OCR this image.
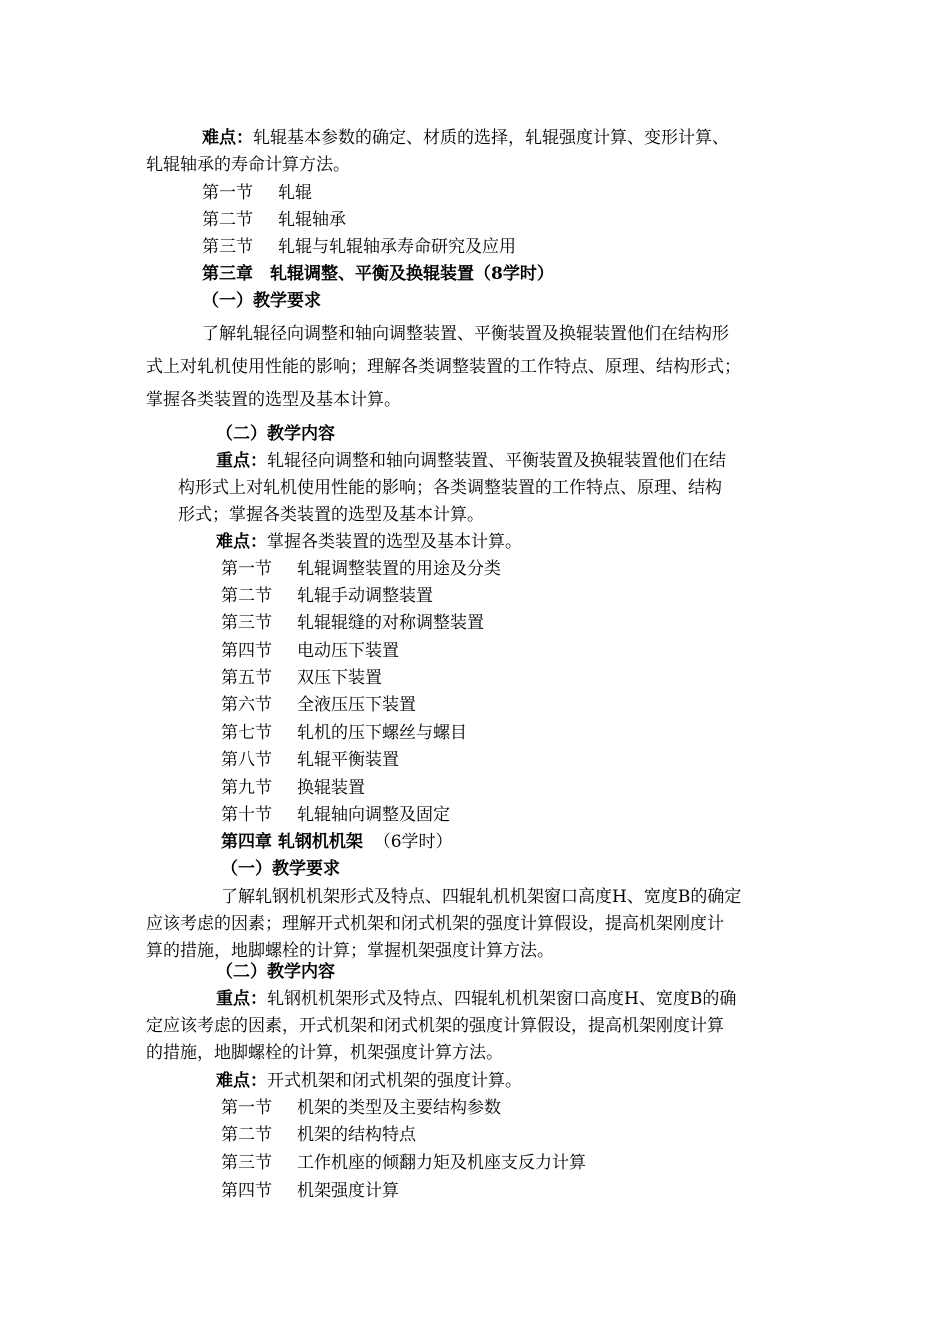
难点：轧辊基本参数的确定、材质的选择，轧辊强度计算、变形计算、
轧辊轴承的寿命计算方法。
第一节 轧辊
第二节 轧辊轴承
第三节 轧辊与轧辊轴承寿命研究及应用
第三章　轧辊调整、平衡及换辊装置（8学时）
（一）教学要求
了解轧辊径向调整和轴向调整装置、平衡装置及换辊装置他们在结构形
式上对轧机使用性能的影响；理解各类调整装置的工作特点、原理、结构形式；
掌握各类装置的选型及基本计算。
（二）教学内容
重点：轧辊径向调整和轴向调整装置、平衡装置及换辊装置他们在结
构形式上对轧机使用性能的影响；各类调整装置的工作特点、原理、结构
形式；掌握各类装置的选型及基本计算。
难点：掌握各类装置的选型及基本计算。
第一节 轧辊调整装置的用途及分类
第二节 轧辊手动调整装置
第三节 轧辊辊缝的对称调整装置
第四节 电动压下装置
第五节 双压下装置
第六节 全液压压下装置
第七节 轧机的压下螺丝与螺目
第八节 轧辊平衡装置
第九节 换辊装置
第十节 轧辊轴向调整及固定
第四章 轧钢机机架 （6学时）
（一）教学要求
了解轧钢机机架形式及特点、四辊轧机机架窗口高度H、宽度B的确定
应该考虑的因素；理解开式机架和闭式机架的强度计算假设，提高机架刚度计
算的措施，地脚螺栓的计算；掌握机架强度计算方法。
（二）教学内容
重点：轧钢机机架形式及特点、四辊轧机机架窗口高度H、宽度B的确
定应该考虑的因素，开式机架和闭式机架的强度计算假设，提高机架刚度计算
的措施，地脚螺栓的计算，机架强度计算方法。
难点：开式机架和闭式机架的强度计算。
第一节 机架的类型及主要结构参数
第二节 机架的结构特点
第三节 工作机座的倾翻力矩及机座支反力计算
第四节 机架强度计算
